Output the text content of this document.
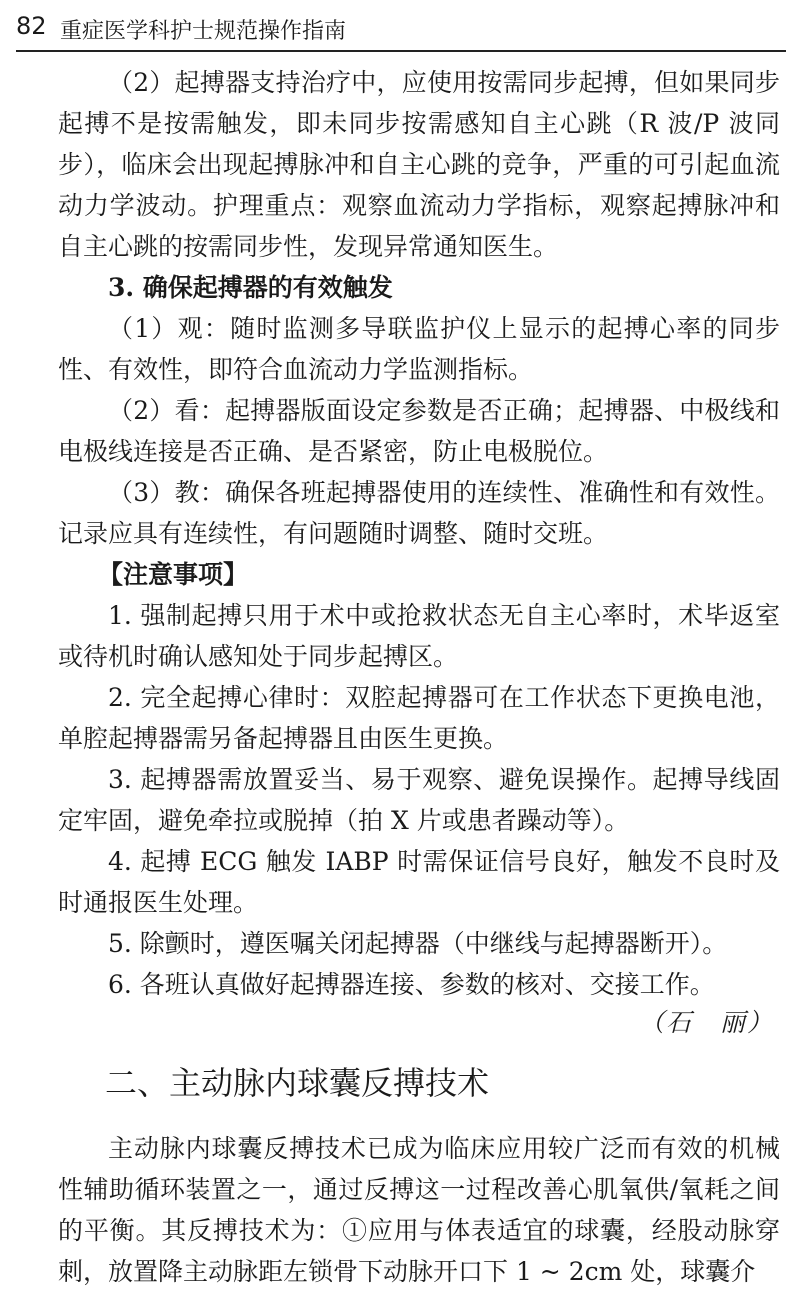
82 重症医学科护士规范操作指南

（2）起搏器支持治疗中，应使用按需同步起搏，但如果同步起搏不是按需触发，即未同步按需感知自主心跳（R 波/P 波同步），临床会出现起搏脉冲和自主心跳的竞争，严重的可引起血流动力学波动。护理重点：观察血流动力学指标，观察起搏脉冲和自主心跳的按需同步性，发现异常通知医生。

3. 确保起搏器的有效触发

（1）观：随时监测多导联监护仪上显示的起搏心率的同步性、有效性，即符合血流动力学监测指标。

（2）看：起搏器版面设定参数是否正确；起搏器、中极线和电极线连接是否正确、是否紧密，防止电极脱位。

（3）教：确保各班起搏器使用的连续性、准确性和有效性。记录应具有连续性，有问题随时调整、随时交班。

【注意事项】

1. 强制起搏只用于术中或抢救状态无自主心率时，术毕返室或待机时确认感知处于同步起搏区。

2. 完全起搏心律时：双腔起搏器可在工作状态下更换电池，单腔起搏器需另备起搏器且由医生更换。

3. 起搏器需放置妥当、易于观察、避免误操作。起搏导线固定牢固，避免牵拉或脱掉（拍 X 片或患者躁动等）。

4. 起搏 ECG 触发 IABP 时需保证信号良好，触发不良时及时通报医生处理。

5. 除颤时，遵医嘱关闭起搏器（中继线与起搏器断开）。

6. 各班认真做好起搏器连接、参数的核对、交接工作。

（石　丽）
二、主动脉内球囊反搏技术

主动脉内球囊反搏技术已成为临床应用较广泛而有效的机械性辅助循环装置之一，通过反搏这一过程改善心肌氧供/氧耗之间的平衡。其反搏技术为：①应用与体表适宜的球囊，经股动脉穿刺，放置降主动脉距左锁骨下动脉开口下 1 ~ 2cm 处，球囊介
